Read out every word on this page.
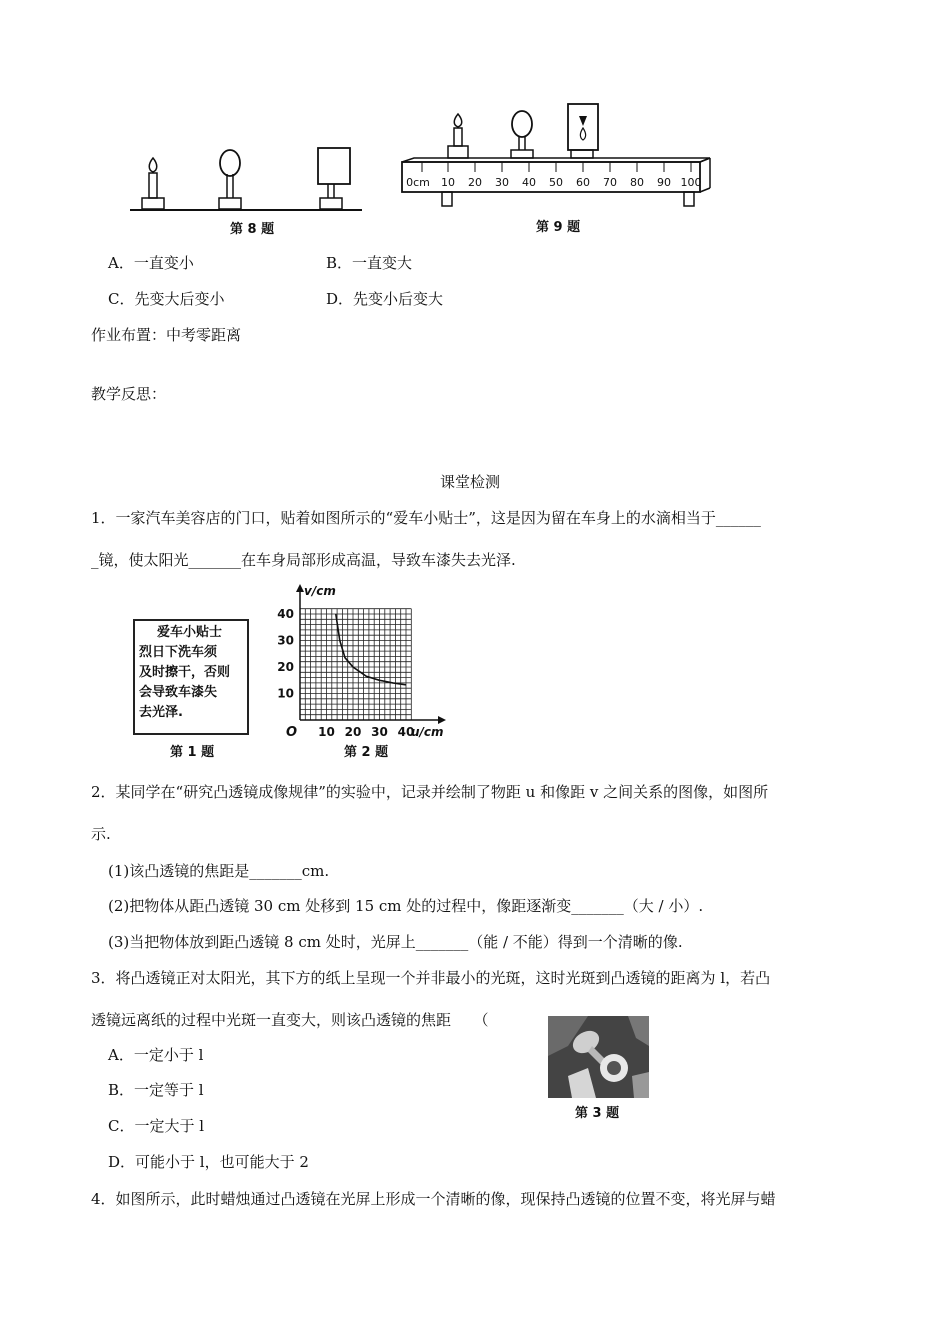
第 8 题
0cm 10 20 30 40 50 60 70 80 90 100
第 9 题
A．一直变小	B．一直变大
C．先变大后变小	D．先变小后变大
作业布置：中考零距离
教学反思：
课堂检测
1．一家汽车美容店的门口，贴着如图所示的“爱车小贴士”，这是因为留在车身上的水滴相当于______
_镜，使太阳光_______在车身局部形成高温，导致车漆失去光泽.
爱车小贴士
烈日下洗车须
及时擦干，否则
会导致车漆失
去光泽.
第 1 题
10 20 30 40
10
20
30
40
v/cm
u/cm
O
第 2 题
2．某同学在“研究凸透镜成像规律”的实验中，记录并绘制了物距 u 和像距 v 之间关系的图像，如图所
示.
(1)该凸透镜的焦距是_______cm.
(2)把物体从距凸透镜 30 cm 处移到 15 cm 处的过程中，像距逐渐变_______（大 / 小）.
(3)当把物体放到距凸透镜 8 cm 处时，光屏上_______（能 / 不能）得到一个清晰的像.
3．将凸透镜正对太阳光，其下方的纸上呈现一个并非最小的光斑，这时光斑到凸透镜的距离为 l，若凸
透镜远离纸的过程中光斑一直变大，则该凸透镜的焦距　　（
A．一定小于 l
B．一定等于 l
C．一定大于 l
D．可能小于 l，也可能大于 2
第 3 题
4．如图所示，此时蜡烛通过凸透镜在光屏上形成一个清晰的像，现保持凸透镜的位置不变，将光屏与蜡
